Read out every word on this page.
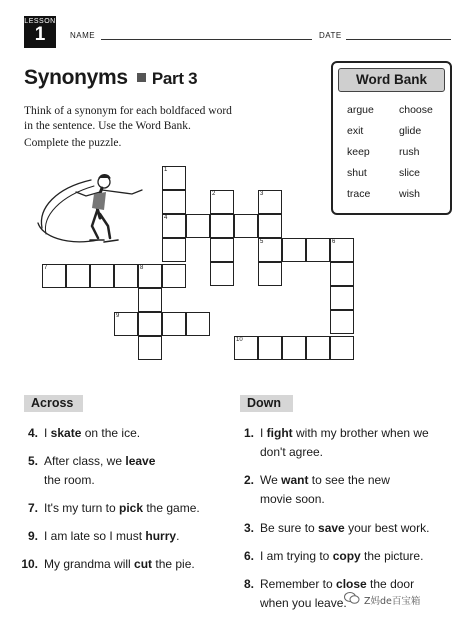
LESSON
1	NAME	DATE
Synonyms Part 3

Think of a synonym for each boldfaced word
in the sentence. Use the Word Bank.

Complete the puzzle.

Word Bank
argue	choose
exit	glide
keep	rush
shut	slice
trace	wish
1
4
2	3
5	6
7	8
9
10
Across
4. I skate on the ice.
5. After class, we leave
the room.
7. It's my turn to pick the game.
9. I am late so I must hurry.
10. My grandma will cut the pie.
Down
1. I fight with my brother when we
don't agree.
2. We want to see the new
movie soon.
3. Be sure to save your best work.
6. I am trying to copy the picture.
8. Remember to close the door
when you leave. Z妈de百宝箱
